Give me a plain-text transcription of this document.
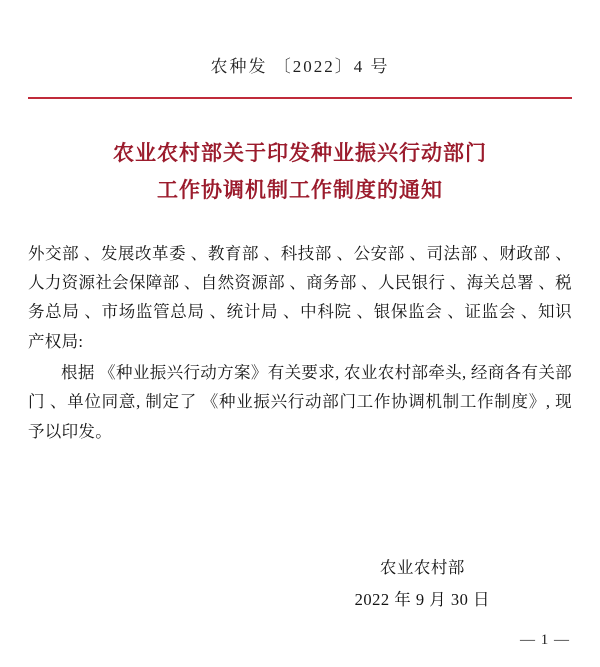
农种发 〔2022〕4 号
农业农村部关于印发种业振兴行动部门
工作协调机制工作制度的通知
外交部 、发展改革委 、教育部 、科技部 、公安部 、司法部 、财政部 、人力资源社会保障部 、自然资源部 、商务部 、人民银行 、海关总署 、税务总局 、市场监管总局 、统计局 、中科院 、银保监会 、证监会 、知识产权局:
根据 《种业振兴行动方案》有关要求, 农业农村部牵头, 经商各有关部门 、单位同意, 制定了 《种业振兴行动部门工作协调机制工作制度》, 现予以印发。
农业农村部
2022 年 9 月 30 日
— 1 —
